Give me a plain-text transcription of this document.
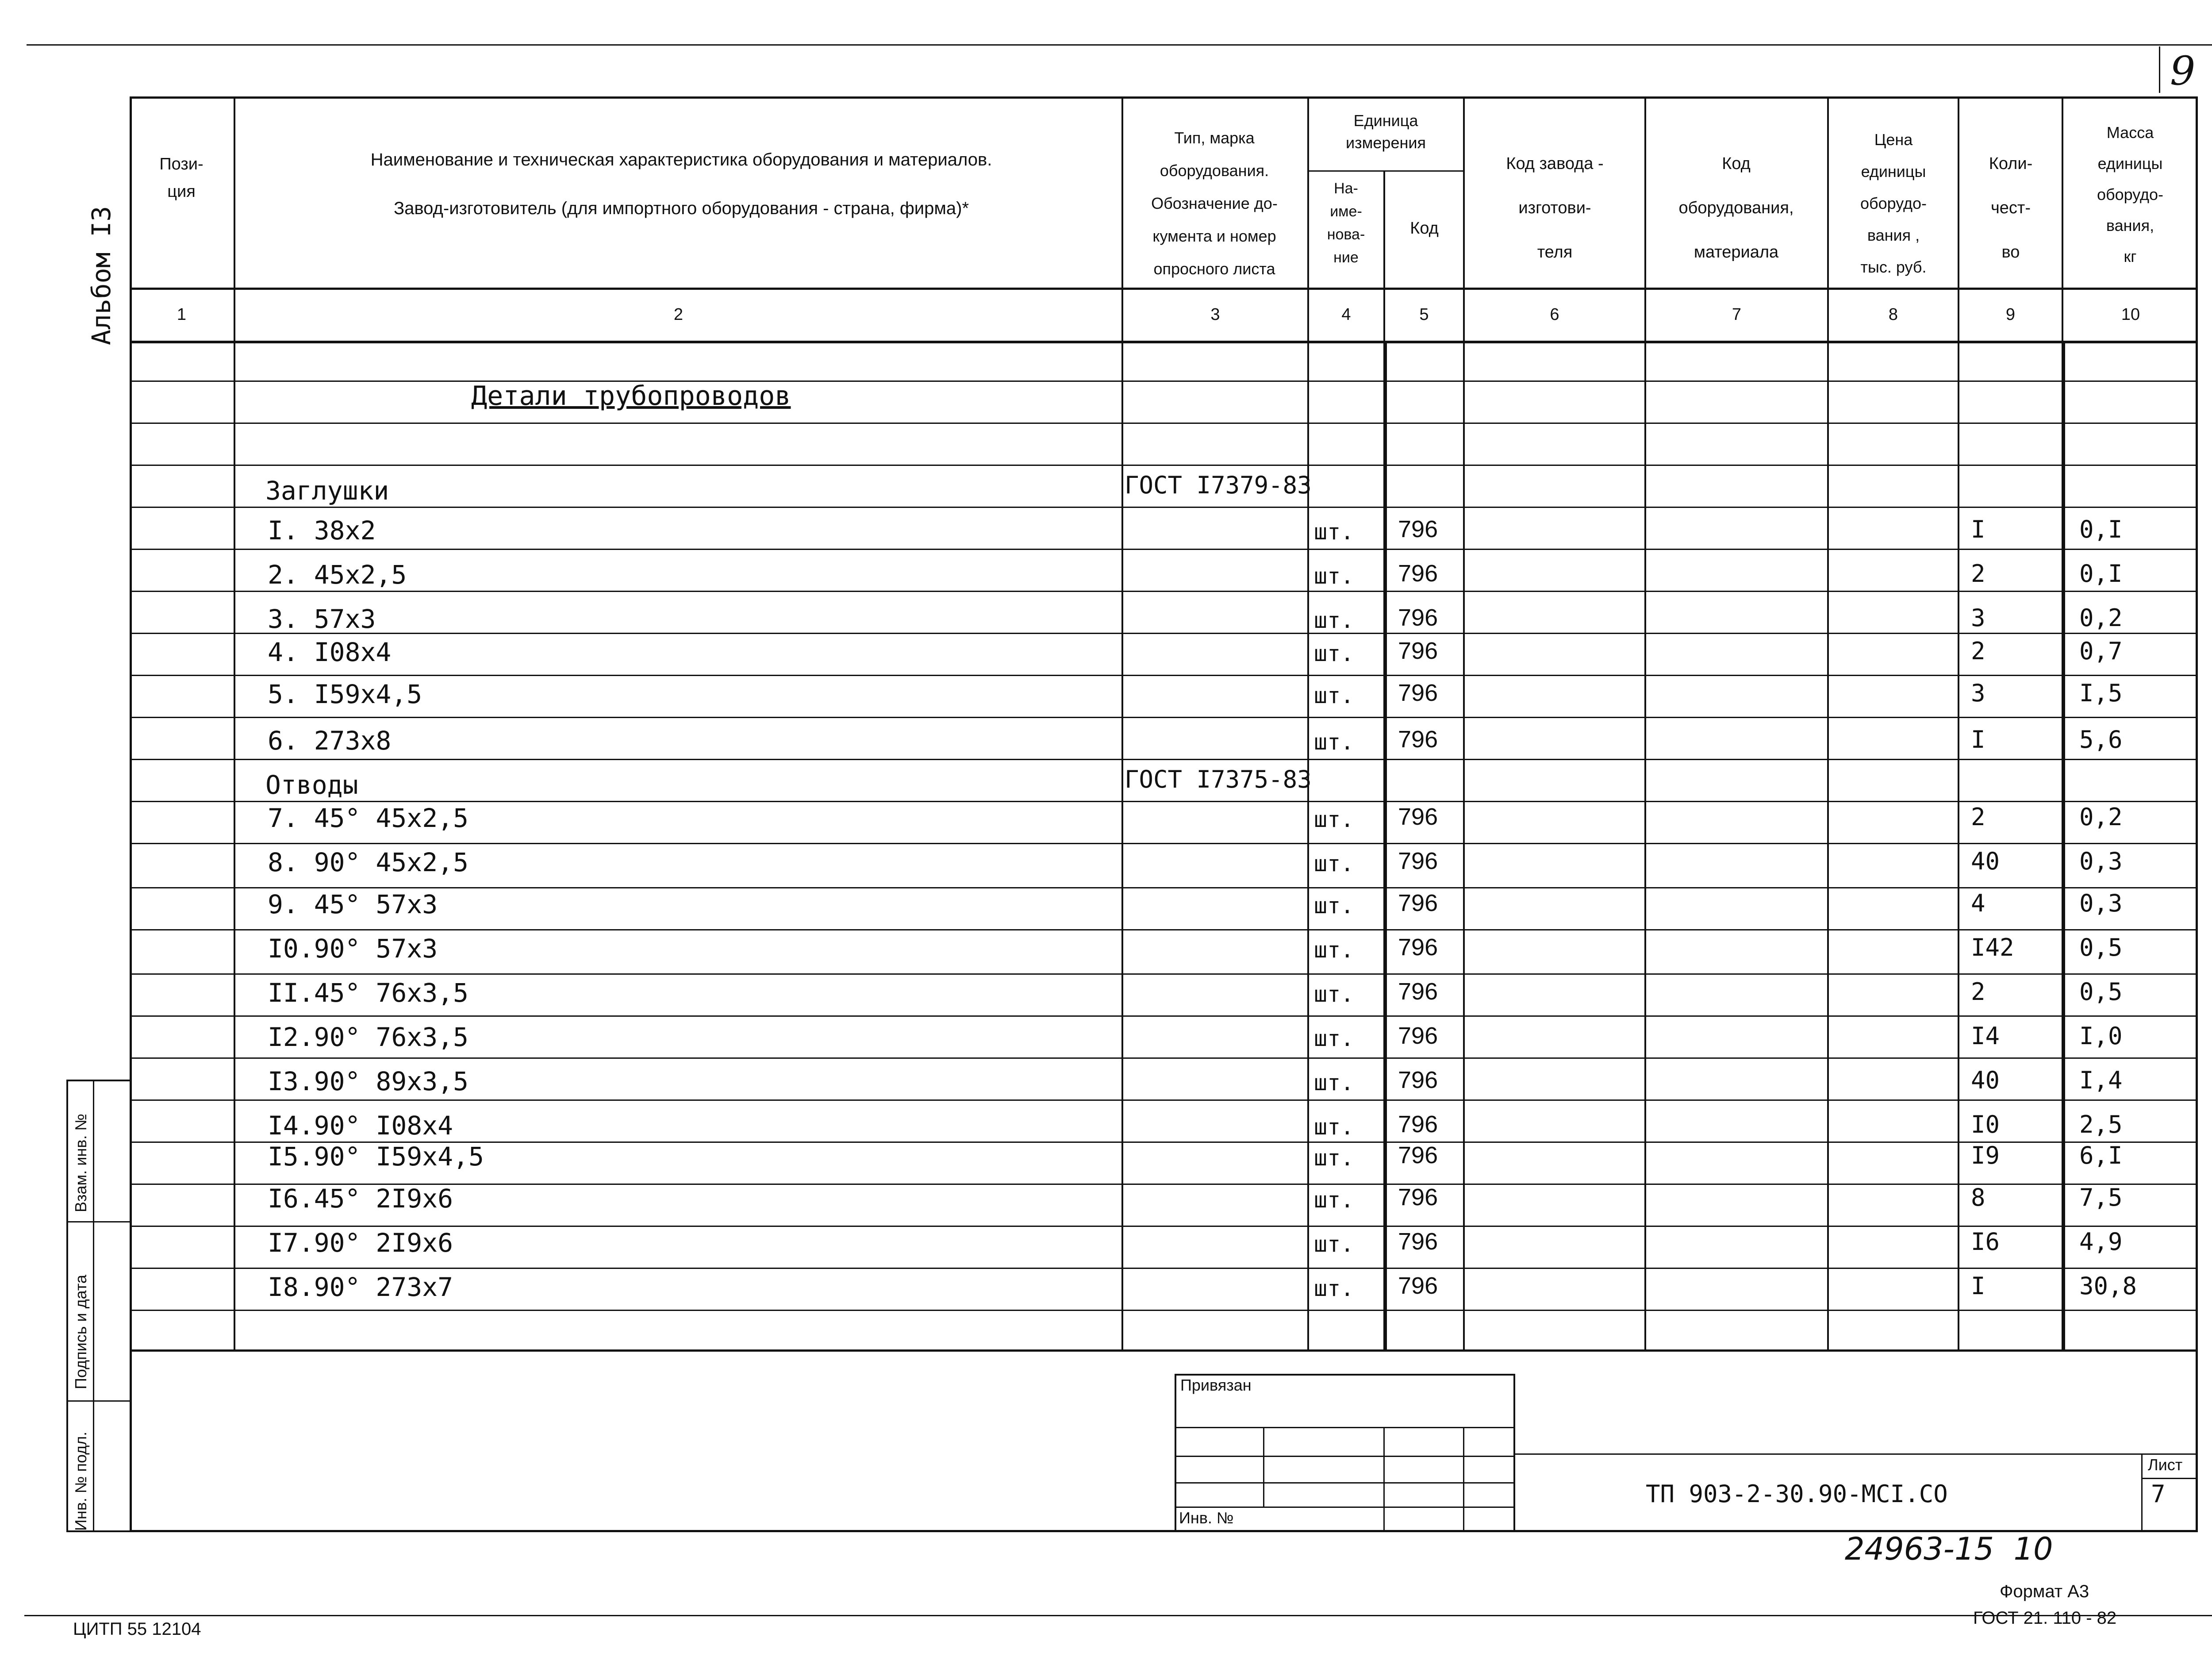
9
Альбом I3
Пози-
ция
Наименование и техническая характеристика оборудования и материалов.
Завод-изготовитель (для импортного оборудования - страна, фирма)*
Тип, марка
оборудования.
Обозначение до-
кумента и номер
опросного листа
Единица
измерения
На-
име-
нова-
ние
Код
Код завода -
изготови-
теля
Код
оборудования,
материала
Цена
единицы
оборудо-
вания ,
тыс. руб.
Коли-
чест-
во
Масса
единицы
оборудо-
вания,
кг
1	2	3	4	5	6	7	8	9	10
Детали трубопроводов
Заглушки	ГОСТ I7379-83
Отводы	ГОСТ I7375-83
I. 38х2	шт. 796	I	0,I
2. 45х2,5	шт. 796	2	0,I
3. 57х3	шт. 796	3	0,2
4. I08х4	шт. 796	2	0,7
5. I59х4,5	шт. 796	3	I,5
6. 273х8	шт. 796	I	5,6
7. 45° 45х2,5	шт. 796	2	0,2
8. 90° 45х2,5	шт. 796	40	0,3
9. 45° 57х3	шт. 796	4	0,3
I0.90° 57х3	шт. 796	I42	0,5
II.45° 76х3,5	шт. 796	2	0,5
I2.90° 76х3,5	шт. 796	I4	I,0
I3.90° 89х3,5	шт. 796	40	I,4
I4.90° I08х4	шт. 796	I0	2,5
I5.90° I59х4,5	шт. 796	I9	6,I
I6.45° 2I9х6	шт. 796	8	7,5
I7.90° 2I9х6	шт. 796	I6	4,9
I8.90° 273х7	шт. 796	I	30,8
Привязан
Инв. №
ТП 903-2-30.90-МСI.СО
Лист
7
Взам. инв. №
Подпись и дата
Инв. № подл.
24963-15  10
Формат А3
ГОСТ 21. 110 - 82
ЦИТП 55 12104
